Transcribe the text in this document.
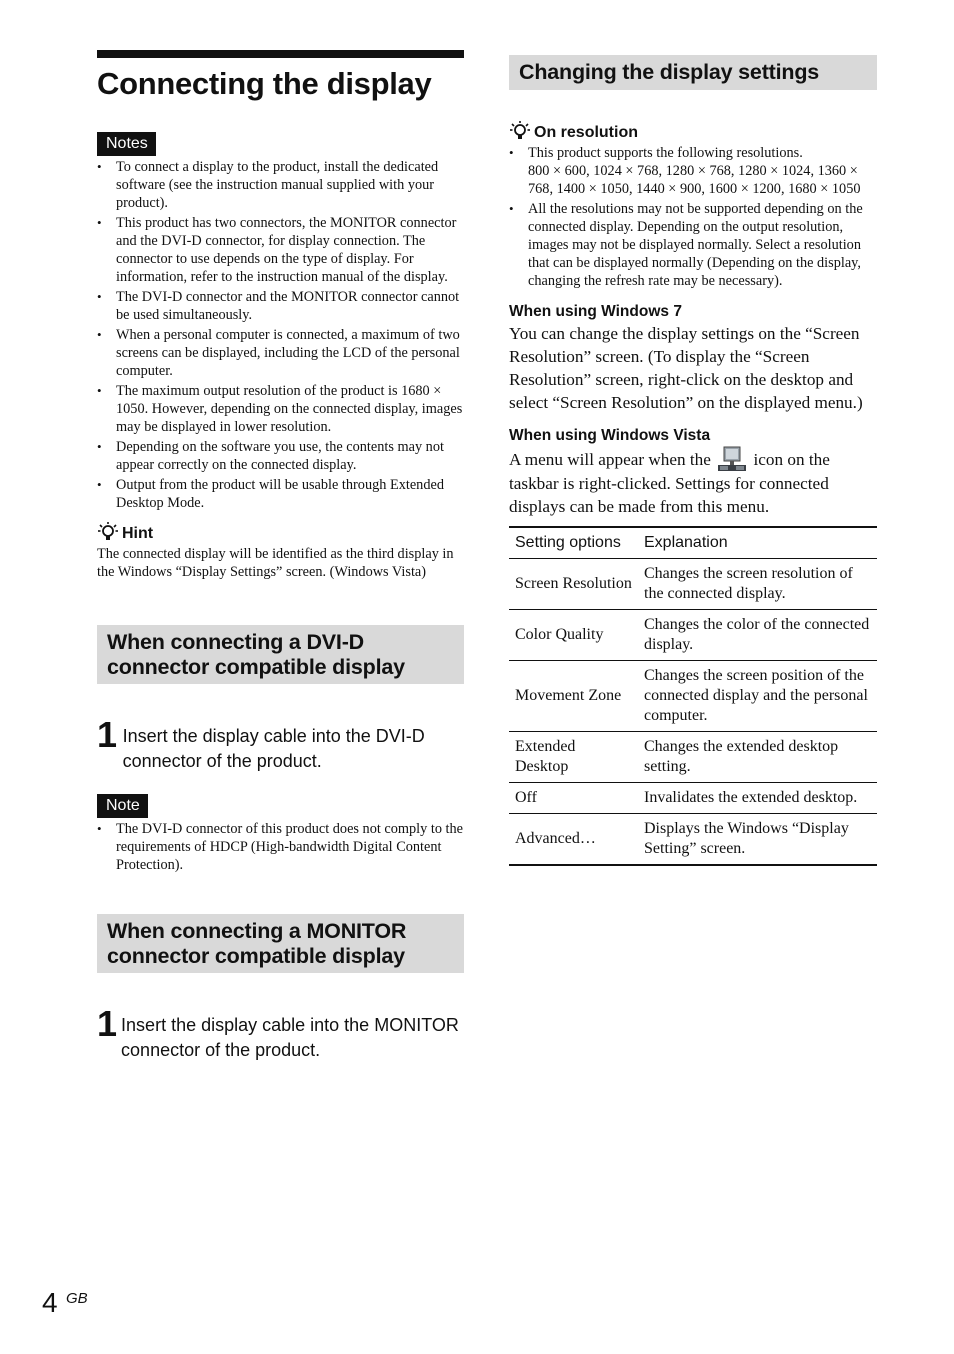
Connecting the display
Notes
• To connect a display to the product, install the dedicated software (see the instruction manual supplied with your product).
• This product has two connectors, the MONITOR connector and the DVI-D connector, for display connection. The connector to use depends on the type of display. For information, refer to the instruction manual of the display.
• The DVI-D connector and the MONITOR connector cannot be used simultaneously.
• When a personal computer is connected, a maximum of two screens can be displayed, including the LCD of the personal computer.
• The maximum output resolution of the product is 1680 × 1050. However, depending on the connected display, images may be displayed in lower resolution.
• Depending on the software you use, the contents may not appear correctly on the connected display.
• Output from the product will be usable through Extended Desktop Mode.
Hint
The connected display will be identified as the third display in the Windows “Display Settings” screen. (Windows Vista)
When connecting a DVI-D
connector compatible display
1 Insert the display cable into the DVI-D connector of the product.
Note
• The DVI-D connector of this product does not comply to the requirements of HDCP (High-bandwidth Digital Content Protection).
When connecting a MONITOR
connector compatible display
1 Insert the display cable into the MONITOR connector of the product.
Changing the display settings
On resolution
• This product supports the following resolutions.
800 × 600, 1024 × 768, 1280 × 768, 1280 × 1024, 1360 × 768, 1400 × 1050, 1440 × 900, 1600 × 1200, 1680 × 1050
• All the resolutions may not be supported depending on the connected display. Depending on the output resolution, images may not be displayed normally. Select a resolution that can be displayed normally (Depending on the display, changing the refresh rate may be necessary).
When using Windows 7
You can change the display settings on the “Screen Resolution” screen. (To display the “Screen Resolution” screen, right-click on the desktop and select “Screen Resolution” on the displayed menu.)
When using Windows Vista
A menu will appear when the icon on the taskbar is right-clicked. Settings for connected displays can be made from this menu.
Setting options	Explanation
Screen Resolution	Changes the screen resolution of the connected display.
Color Quality	Changes the color of the connected display.
Movement Zone	Changes the screen position of the connected display and the personal computer.
Extended Desktop	Changes the extended desktop setting.
Off	Invalidates the extended desktop.
Advanced…	Displays the Windows “Display Setting” screen.
4 GB
